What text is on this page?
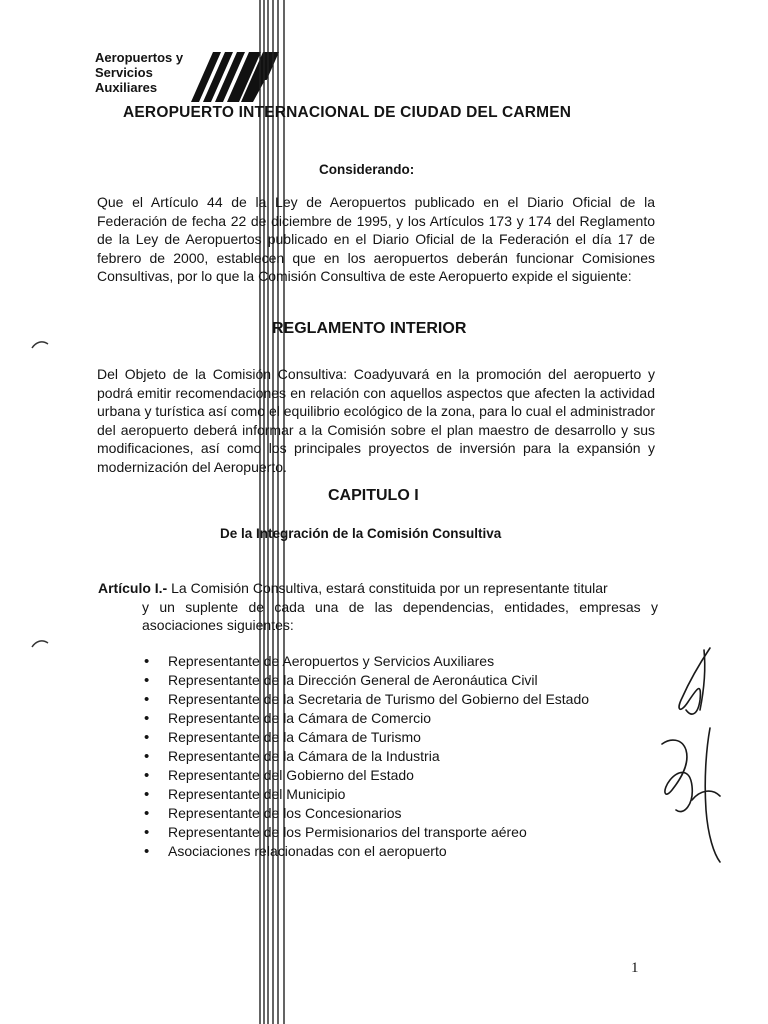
Aeropuertos y
Servicios
Auxiliares
AEROPUERTO INTERNACIONAL DE CIUDAD DEL CARMEN
Considerando:
Que el Artículo 44 de la Ley de Aeropuertos publicado en el Diario Oficial de la Federación de fecha 22 de diciembre de 1995, y los Artículos 173 y 174 del Reglamento de la Ley de Aeropuertos publicado en el Diario Oficial de la Federación el día 17 de febrero de 2000, establecen que en los aeropuertos deberán funcionar Comisiones Consultivas, por lo que la Comisión Consultiva de este Aeropuerto expide el siguiente:
REGLAMENTO INTERIOR
Del Objeto de la Comisión Consultiva: Coadyuvará en la promoción del aeropuerto y podrá emitir recomendaciones en relación con aquellos aspectos que afecten la actividad urbana y turística así como el equilibrio ecológico de la zona, para lo cual el administrador del aeropuerto deberá informar a la Comisión sobre el plan maestro de desarrollo y sus modificaciones, así como los principales proyectos de inversión para la expansión y modernización del Aeropuerto.
CAPITULO I
De la Integración de la Comisión Consultiva
Artículo I.- La Comisión Consultiva, estará constituida por un representante titular
y un suplente de cada una de las dependencias, entidades, empresas y asociaciones siguientes:
• Representante de Aeropuertos y Servicios Auxiliares
• Representante de la Dirección General de Aeronáutica Civil
• Representante de la Secretaria de Turismo del Gobierno del Estado
• Representante de la Cámara de Comercio
• Representante de la Cámara de Turismo
• Representante de la Cámara de la Industria
• Representante del Gobierno del Estado
• Representante del Municipio
• Representante de los Concesionarios
• Representante de los Permisionarios del transporte aéreo
• Asociaciones relacionadas con el aeropuerto
1
